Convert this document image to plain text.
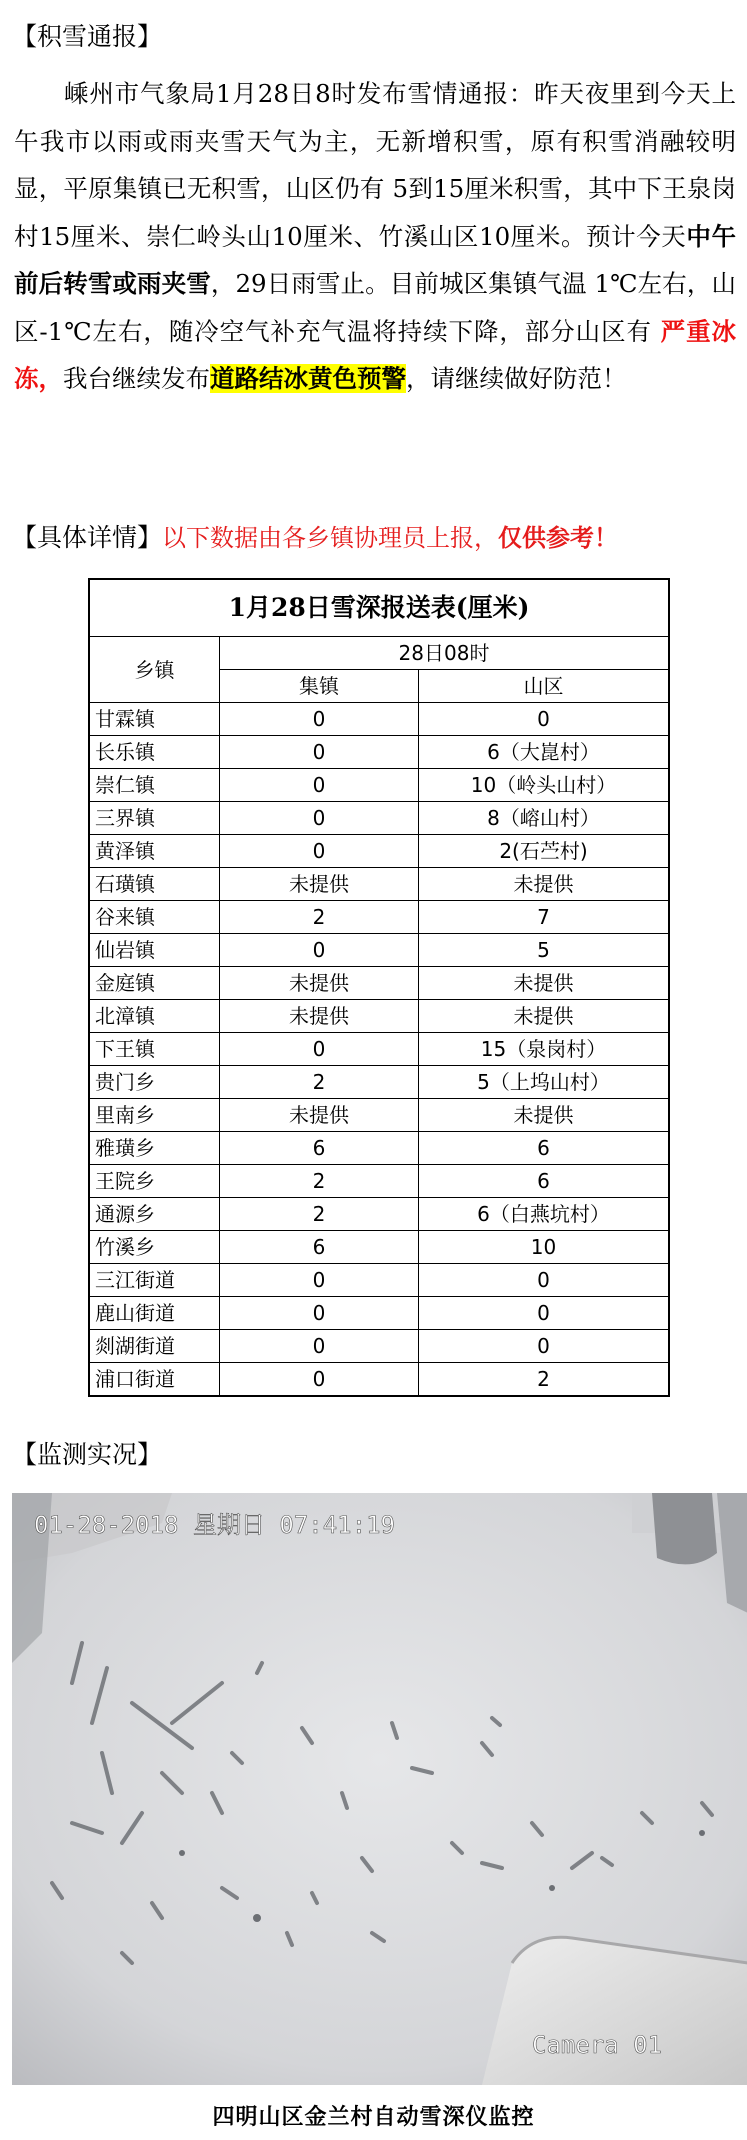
【积雪通报】
嵊州市气象局1月28日8时发布雪情通报：昨天夜里到今天上午我市以雨或雨夹雪天气为主，无新增积雪，原有积雪消融较明显，平原集镇已无积雪，山区仍有 5到15厘米积雪，其中下王泉岗村15厘米、崇仁岭头山10厘米、竹溪山区10厘米。预计今天中午前后转雪或雨夹雪，29日雨雪止。目前城区集镇气温 1℃左右，山区-1℃左右，随冷空气补充气温将持续下降，部分山区有 严重冰冻，我台继续发布道路结冰黄色预警，请继续做好防范！
【具体详情】以下数据由各乡镇协理员上报，仅供参考！
1月28日雪深报送表(厘米)		
乡镇	28日08时	
	集镇	山区
甘霖镇	0	0
长乐镇	0	6（大崑村）
崇仁镇	0	10（岭头山村）
三界镇	0	8（嵱山村）
黄泽镇	0	2(石苎村)
石璜镇	未提供	未提供
谷来镇	2	7
仙岩镇	0	5
金庭镇	未提供	未提供
北漳镇	未提供	未提供
下王镇	0	15（泉岗村）
贵门乡	2	5（上坞山村）
里南乡	未提供	未提供
雅璜乡	6	6
王院乡	2	6
通源乡	2	6（白燕坑村）
竹溪乡	6	10
三江街道	0	0
鹿山街道	0	0
剡湖街道	0	0
浦口街道	0	2
【监测实况】
01-28-2018 星期日 07:41:19
Camera 01
四明山区金兰村自动雪深仪监控
